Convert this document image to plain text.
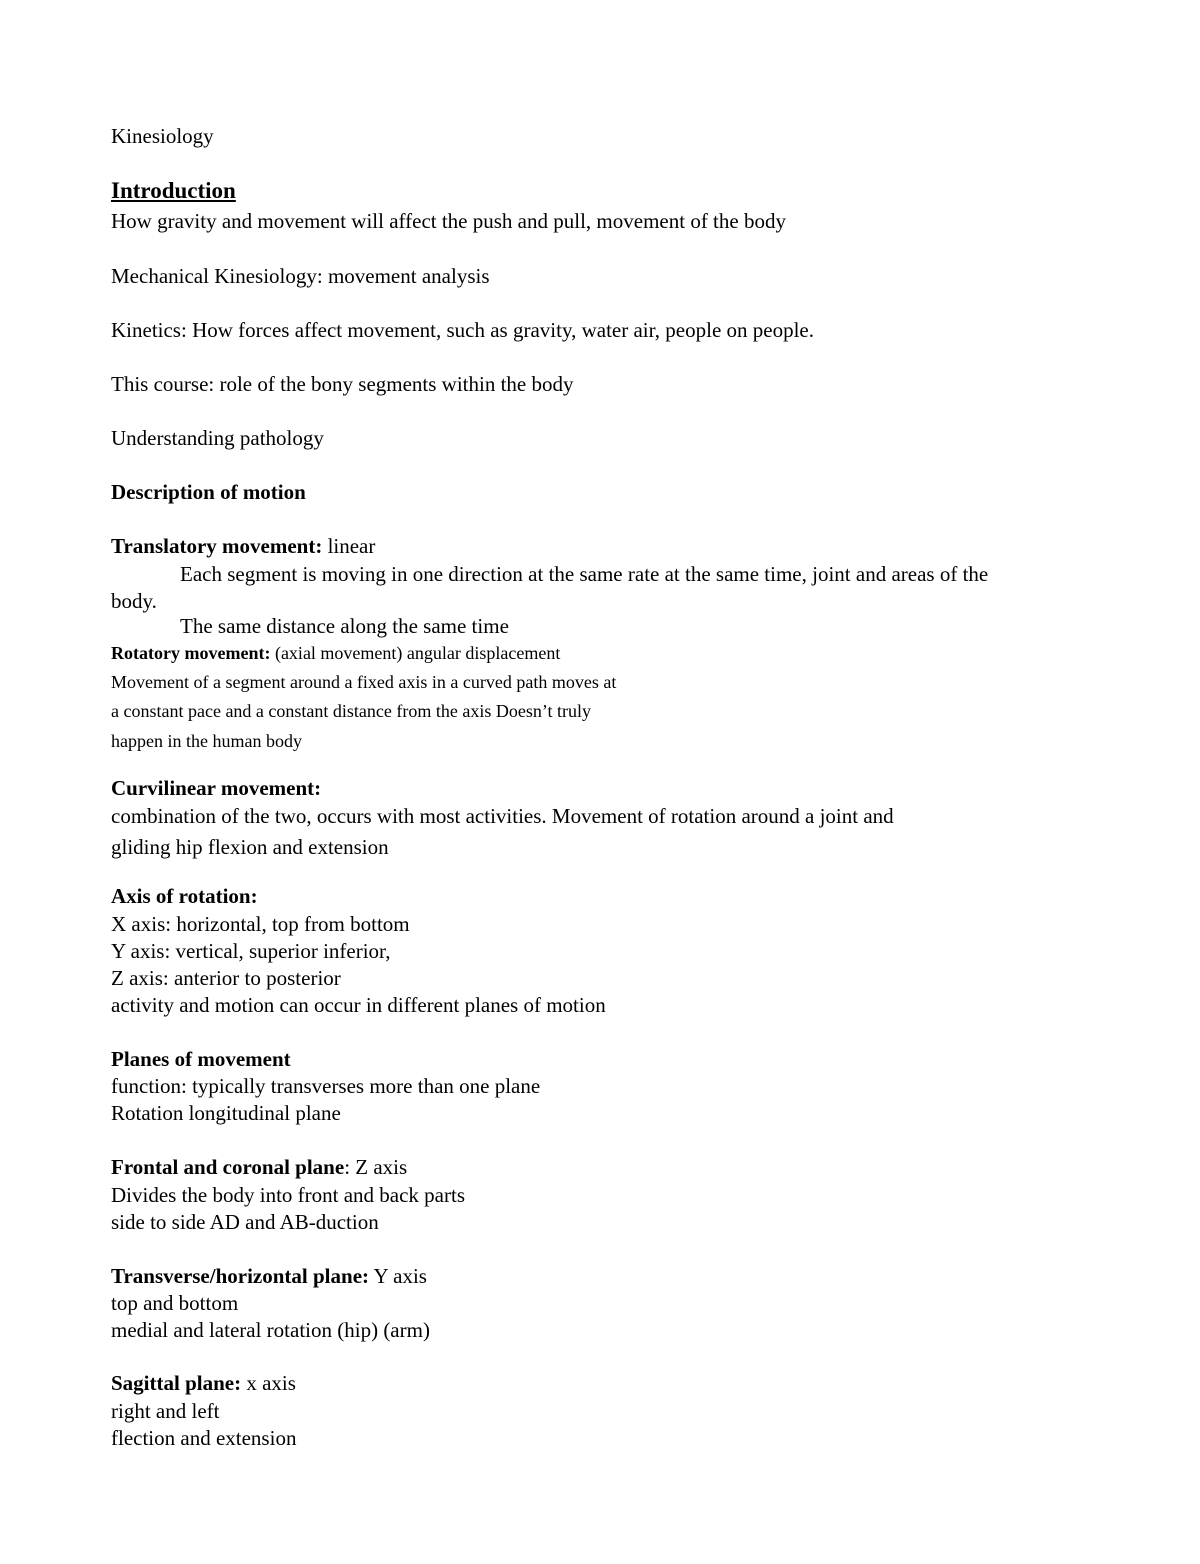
Kinesiology
Introduction
How gravity and movement will affect the push and pull, movement of the body
Mechanical Kinesiology: movement analysis
Kinetics: How forces affect movement, such as gravity, water air, people on people.
This course: role of the bony segments within the body
Understanding pathology
Description of motion
Translatory movement: linear
Each segment is moving in one direction at the same rate at the same time, joint and areas of the
body.
The same distance along the same time
Rotatory movement: (axial movement) angular displacement
Movement of a segment around a fixed axis in a curved path moves at
a constant pace and a constant distance from the axis Doesn’t truly
happen in the human body
Curvilinear movement:
combination of the two, occurs with most activities. Movement of rotation around a joint and
gliding hip flexion and extension
Axis of rotation:
X axis: horizontal, top from bottom
Y axis: vertical, superior inferior,
Z axis: anterior to posterior
activity and motion can occur in different planes of motion
Planes of movement
function: typically transverses more than one plane
Rotation longitudinal plane
Frontal and coronal plane: Z axis
Divides the body into front and back parts
side to side AD and AB-duction
Transverse/horizontal plane: Y axis
top and bottom
medial and lateral rotation (hip) (arm)
Sagittal plane: x axis
right and left
flection and extension
